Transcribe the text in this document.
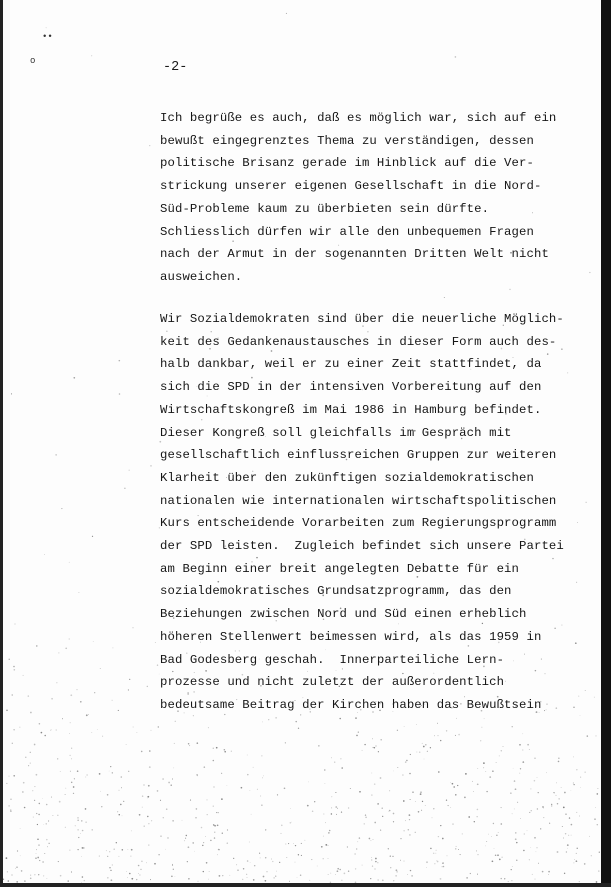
••
o	-2-
Ich begrüße es auch, daß es möglich war, sich auf ein
bewußt eingegrenztes Thema zu verständigen, dessen
politische Brisanz gerade im Hinblick auf die Ver-
strickung unserer eigenen Gesellschaft in die Nord-
Süd-Probleme kaum zu überbieten sein dürfte.
Schliesslich dürfen wir alle den unbequemen Fragen
nach der Armut in der sogenannten Dritten Welt nicht
ausweichen.
Wir Sozialdemokraten sind über die neuerliche Möglich-
keit des Gedankenaustausches in dieser Form auch des-
halb dankbar, weil er zu einer Zeit stattfindet, da
sich die SPD in der intensiven Vorbereitung auf den
Wirtschaftskongreß im Mai 1986 in Hamburg befindet.
Dieser Kongreß soll gleichfalls im Gespräch mit
gesellschaftlich einflussreichen Gruppen zur weiteren
Klarheit über den zukünftigen sozialdemokratischen
nationalen wie internationalen wirtschaftspolitischen
Kurs entscheidende Vorarbeiten zum Regierungsprogramm
der SPD leisten.  Zugleich befindet sich unsere Partei
am Beginn einer breit angelegten Debatte für ein
sozialdemokratisches Grundsatzprogramm, das den
Beziehungen zwischen Nord und Süd einen erheblich
höheren Stellenwert beimessen wird, als das 1959 in
Bad Godesberg geschah.  Innerparteiliche Lern-
prozesse und nicht zuletzt der außerordentlich
bedeutsame Beitrag der Kirchen haben das Bewußtsein
